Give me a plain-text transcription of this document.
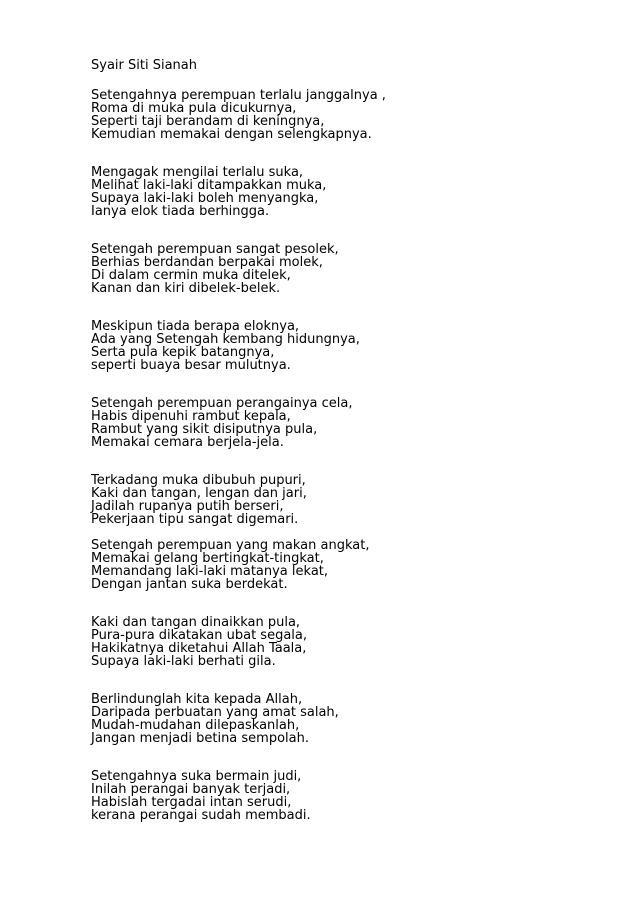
Syair Siti Sianah

Setengahnya perempuan terlalu janggalnya ,
Roma di muka pula dicukurnya,
Seperti taji berandam di keningnya,
Kemudian memakai dengan selengkapnya.
Mengagak mengilai terlalu suka,
Melihat laki-laki ditampakkan muka,
Supaya laki-laki boleh menyangka,
Ianya elok tiada berhingga.
Setengah perempuan sangat pesolek,
Berhias berdandan berpakai molek,
Di dalam cermin muka ditelek,
Kanan dan kiri dibelek-belek.
Meskipun tiada berapa eloknya,
Ada yang Setengah kembang hidungnya,
Serta pula kepik batangnya,
seperti buaya besar mulutnya.
Setengah perempuan perangainya cela,
Habis dipenuhi rambut kepala,
Rambut yang sikit disiputnya pula,
Memakai cemara berjela-jela.
Terkadang muka dibubuh pupuri,
Kaki dan tangan, lengan dan jari,
Jadilah rupanya putih berseri,
Pekerjaan tipu sangat digemari.
Setengah perempuan yang makan angkat,
Memakai gelang bertingkat-tingkat,
Memandang laki-laki matanya lekat,
Dengan jantan suka berdekat.
Kaki dan tangan dinaikkan pula,
Pura-pura dikatakan ubat segala,
Hakikatnya diketahui Allah Taala,
Supaya laki-laki berhati gila.
Berlindunglah kita kepada Allah,
Daripada perbuatan yang amat salah,
Mudah-mudahan dilepaskanlah,
Jangan menjadi betina sempolah.
Setengahnya suka bermain judi,
Inilah perangai banyak terjadi,
Habislah tergadai intan serudi,
kerana perangai sudah membadi.
